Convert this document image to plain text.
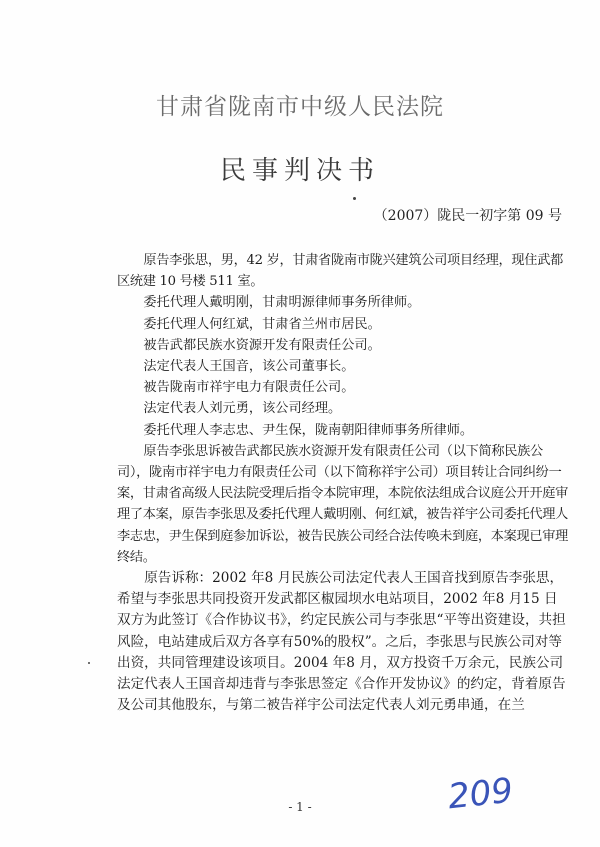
甘肃省陇南市中级人民法院
民事判决书
（2007）陇民一初字第 09 号

原告李张思，男，42 岁，甘肃省陇南市陇兴建筑公司项目经理，现住武都区统建 10 号楼 511 室。

委托代理人戴明刚，甘肃明源律师事务所律师。

委托代理人何红斌，甘肃省兰州市居民。

被告武都民族水资源开发有限责任公司。

法定代表人王国音，该公司董事长。

被告陇南市祥宇电力有限责任公司。

法定代表人刘元勇，该公司经理。

委托代理人李志忠、尹生保，陇南朝阳律师事务所律师。

原告李张思诉被告武都民族水资源开发有限责任公司（以下简称民族公司），陇南市祥宇电力有限责任公司（以下简称祥宇公司）项目转让合同纠纷一案，甘肃省高级人民法院受理后指令本院审理，本院依法组成合议庭公开开庭审理了本案，原告李张思及委托代理人戴明刚、何红斌，被告祥宇公司委托代理人李志忠，尹生保到庭参加诉讼，被告民族公司经合法传唤未到庭，本案现已审理终结。

原告诉称：2002 年8 月民族公司法定代表人王国音找到原告李张思，希望与李张思共同投资开发武都区椒园坝水电站项目，2002 年8 月15 日双方为此签订《合作协议书》，约定民族公司与李张思“平等出资建设，共担风险，电站建成后双方各享有50%的股权”。之后，李张思与民族公司对等出资，共同管理建设该项目。2004 年8 月，双方投资千万余元，民族公司法定代表人王国音却违背与李张思签定《合作开发协议》的约定，背着原告及公司其他股东，与第二被告祥宇公司法定代表人刘元勇串通，在兰

- 1 -	209
